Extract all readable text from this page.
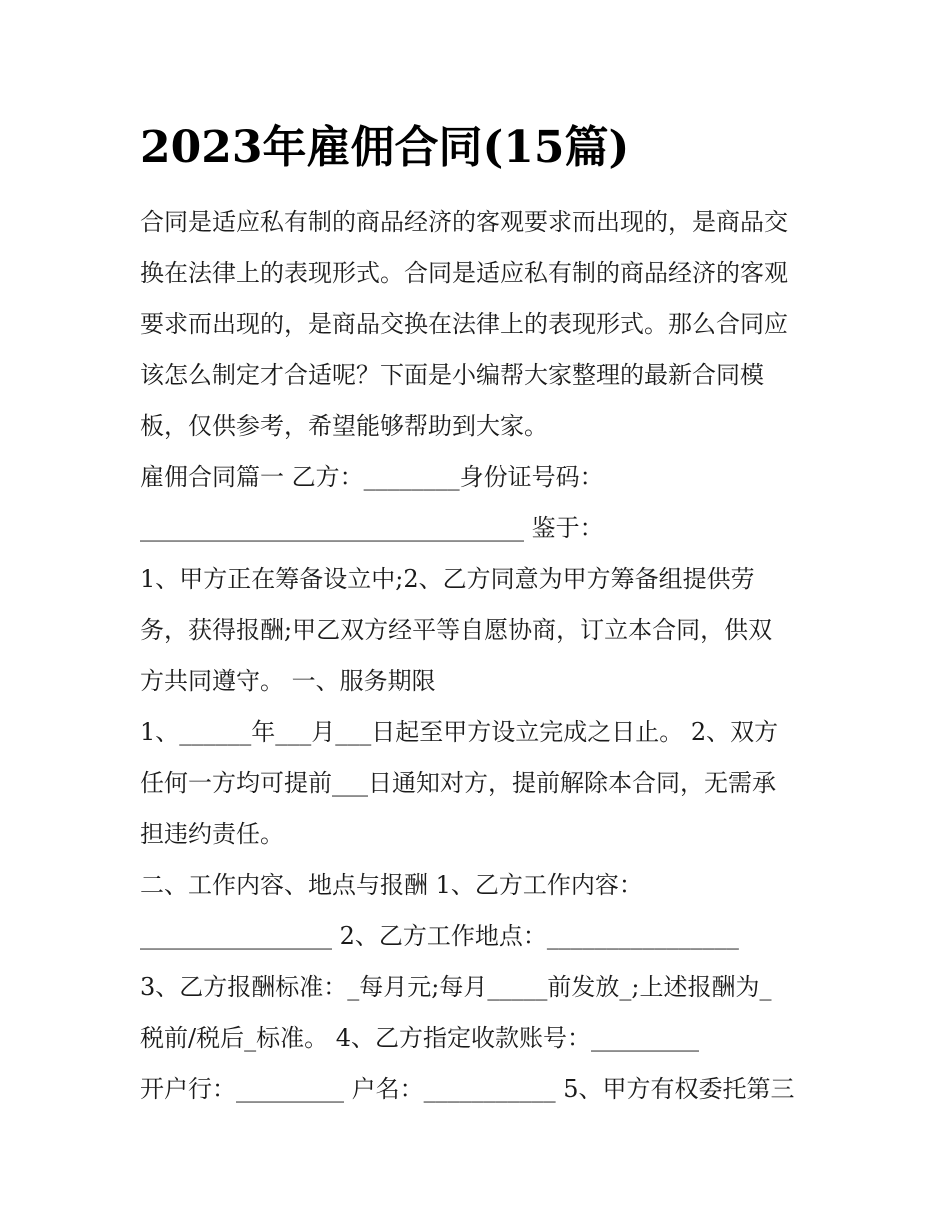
2023年雇佣合同(15篇)
合同是适应私有制的商品经济的客观要求而出现的，是商品交
换在法律上的表现形式。合同是适应私有制的商品经济的客观
要求而出现的，是商品交换在法律上的表现形式。那么合同应
该怎么制定才合适呢？下面是小编帮大家整理的最新合同模
板，仅供参考，希望能够帮助到大家。
雇佣合同篇一 乙方：________身份证号码：
________________________________ 鉴于：
1、甲方正在筹备设立中;2、乙方同意为甲方筹备组提供劳
务，获得报酬;甲乙双方经平等自愿协商，订立本合同，供双
方共同遵守。 一、服务期限
1、______年___月___日起至甲方设立完成之日止。 2、双方
任何一方均可提前___日通知对方，提前解除本合同，无需承
担违约责任。
二、工作内容、地点与报酬 1、乙方工作内容：
________________ 2、乙方工作地点：________________
3、乙方报酬标准：_每月元;每月_____前发放_;上述报酬为_
税前/税后_标准。 4、乙方指定收款账号：_________
开户行：_________ 户名：___________ 5、甲方有权委托第三
